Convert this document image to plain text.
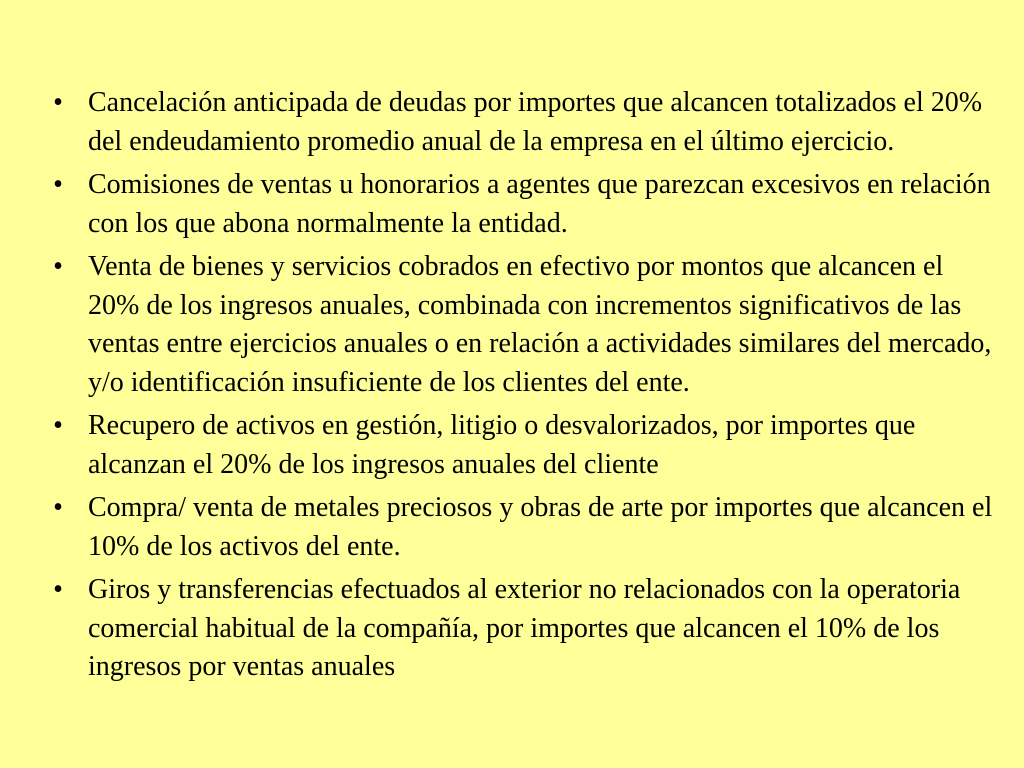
• Cancelación anticipada de deudas por importes que alcancen totalizados el 20% del endeudamiento promedio anual de la empresa en el último ejercicio.
• Comisiones de ventas u honorarios a agentes que parezcan excesivos en relación con los que abona normalmente la entidad.
• Venta de bienes y servicios cobrados en efectivo por montos que alcancen el 20% de los ingresos anuales, combinada con incrementos significativos de las ventas entre ejercicios anuales o en relación a actividades similares del mercado, y/o identificación insuficiente de los clientes del ente.
• Recupero de activos en gestión, litigio o desvalorizados, por importes que alcanzan el 20% de los ingresos anuales del cliente
• Compra/ venta de metales preciosos y obras de arte por importes que alcancen el 10% de los activos del ente.
• Giros y transferencias efectuados al exterior no relacionados con la operatoria comercial habitual de la compañía, por importes que alcancen el 10% de los ingresos por ventas anuales
